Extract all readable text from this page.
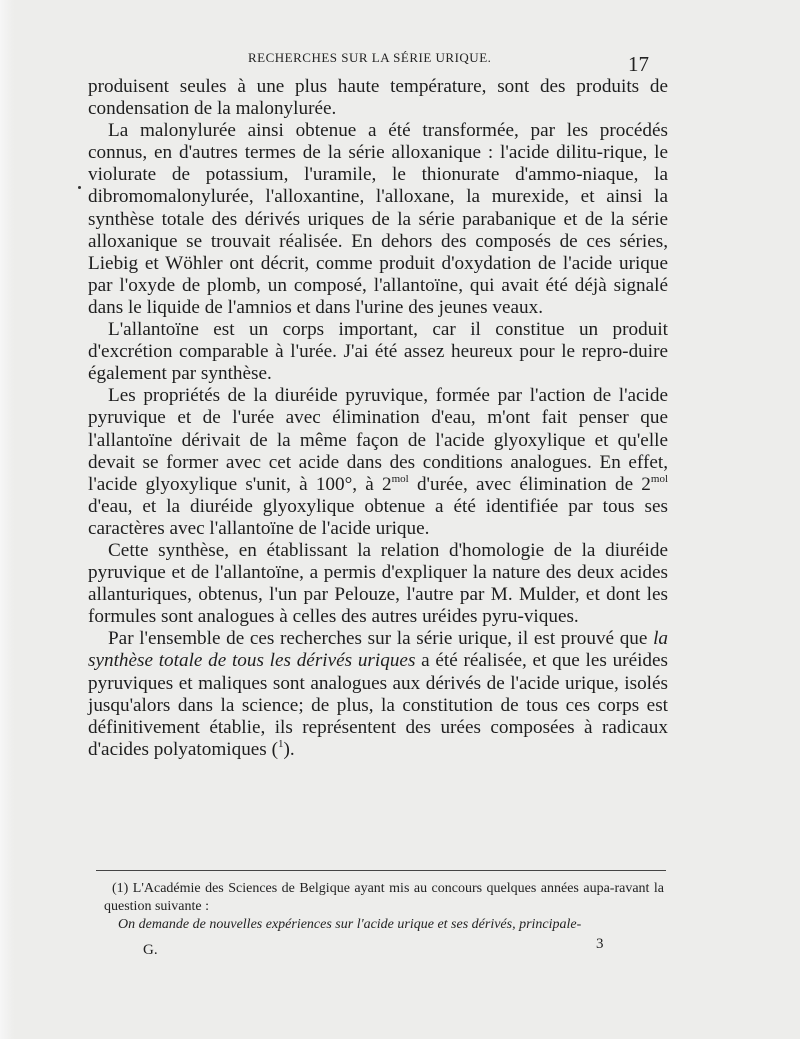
RECHERCHES SUR LA SÉRIE URIQUE.	17

produisent seules à une plus haute température, sont des produits de condensation de la malonylurée.

La malonylurée ainsi obtenue a été transformée, par les procédés connus, en d'autres termes de la série alloxanique : l'acide dilitu-rique, le violurate de potassium, l'uramile, le thionurate d'ammo-niaque, la dibromomalonylurée, l'alloxantine, l'alloxane, la murexide, et ainsi la synthèse totale des dérivés uriques de la série parabanique et de la série alloxanique se trouvait réalisée. En dehors des composés de ces séries, Liebig et Wöhler ont décrit, comme produit d'oxydation de l'acide urique par l'oxyde de plomb, un composé, l'allantoïne, qui avait été déjà signalé dans le liquide de l'amnios et dans l'urine des jeunes veaux.

L'allantoïne est un corps important, car il constitue un produit d'excrétion comparable à l'urée. J'ai été assez heureux pour le repro-duire également par synthèse.

Les propriétés de la diuréide pyruvique, formée par l'action de l'acide pyruvique et de l'urée avec élimination d'eau, m'ont fait penser que l'allantoïne dérivait de la même façon de l'acide glyoxylique et qu'elle devait se former avec cet acide dans des conditions analogues. En effet, l'acide glyoxylique s'unit, à 100°, à $2^{mol}$ d'urée, avec élimination de $2^{mol}$ d'eau, et la diuréide glyoxylique obtenue a été identifiée par tous ses caractères avec l'allantoïne de l'acide urique.

Cette synthèse, en établissant la relation d'homologie de la diuréide pyruvique et de l'allantoïne, a permis d'expliquer la nature des deux acides allanturiques, obtenus, l'un par Pelouze, l'autre par M. Mulder, et dont les formules sont analogues à celles des autres uréides pyru-viques.

Par l'ensemble de ces recherches sur la série urique, il est prouvé que la synthèse totale de tous les dérivés uriques a été réalisée, et que les uréides pyruviques et maliques sont analogues aux dérivés de l'acide urique, isolés jusqu'alors dans la science; de plus, la constitution de tous ces corps est définitivement établie, ils représentent des urées composées à radicaux d'acides polyatomiques ($^1$).

(1) L'Académie des Sciences de Belgique ayant mis au concours quelques années aupa-ravant la question suivante :

On demande de nouvelles expériences sur l'acide urique et ses dérivés, principale-

G.	3
